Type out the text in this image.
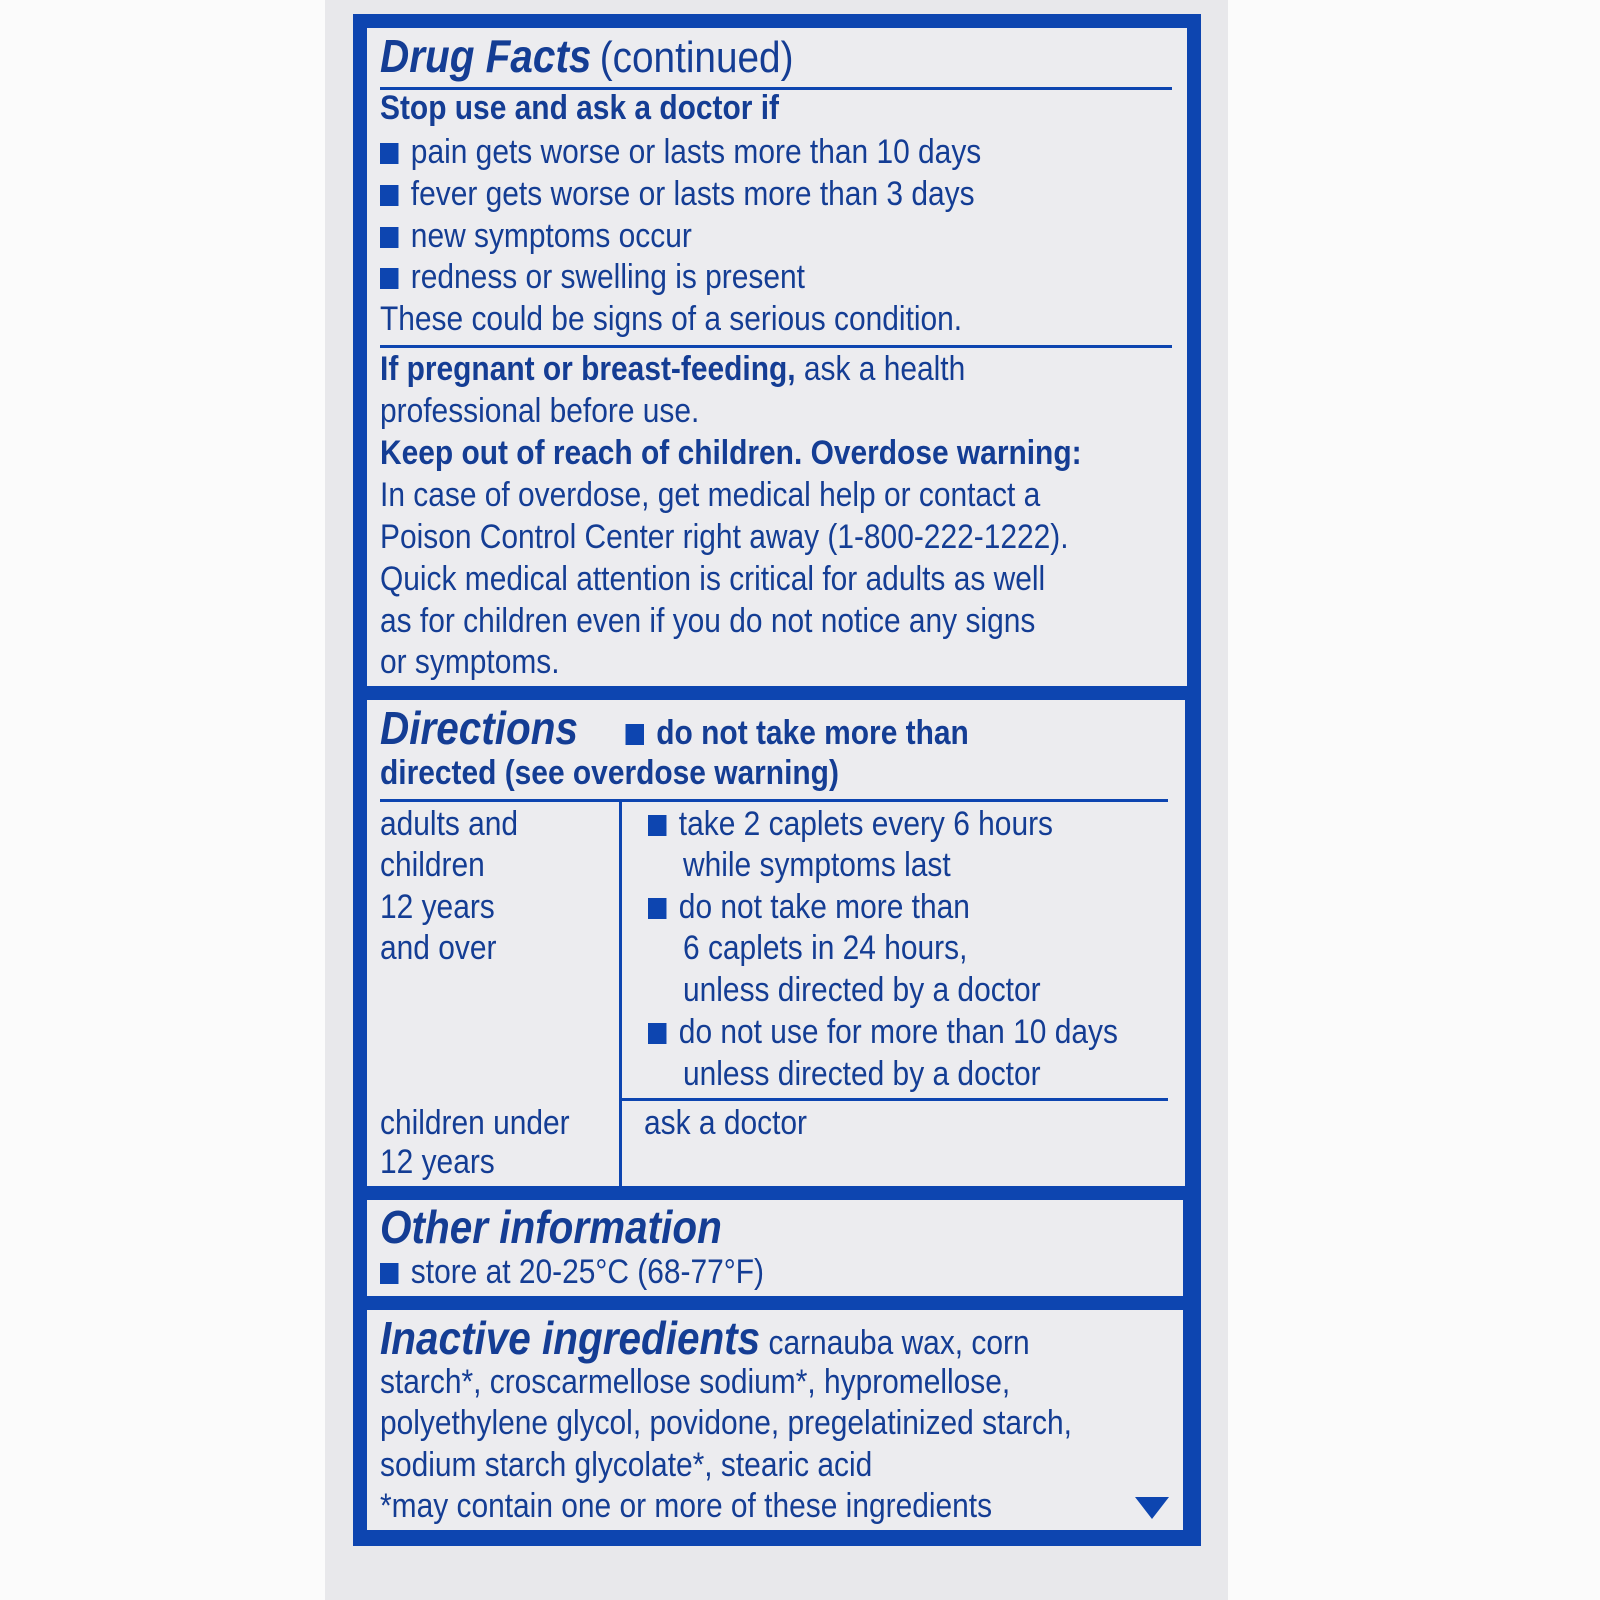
Drug Facts (continued)
Stop use and ask a doctor if
pain gets worse or lasts more than 10 days
fever gets worse or lasts more than 3 days
new symptoms occur
redness or swelling is present
These could be signs of a serious condition.
If pregnant or breast-feeding, ask a health
professional before use.
Keep out of reach of children. Overdose warning:
In case of overdose, get medical help or contact a
Poison Control Center right away (1-800-222-1222).
Quick medical attention is critical for adults as well
as for children even if you do not notice any signs
or symptoms.
Directions do not take more than
directed (see overdose warning)
adults and
children
12 years
and over
take 2 caplets every 6 hours
while symptoms last
do not take more than
6 caplets in 24 hours,
unless directed by a doctor
do not use for more than 10 days
unless directed by a doctor
children under
12 years
ask a doctor
Other information
store at 20-25°C (68-77°F)
Inactive ingredients carnauba wax, corn
starch*, croscarmellose sodium*, hypromellose,
polyethylene glycol, povidone, pregelatinized starch,
sodium starch glycolate*, stearic acid
*may contain one or more of these ingredients
